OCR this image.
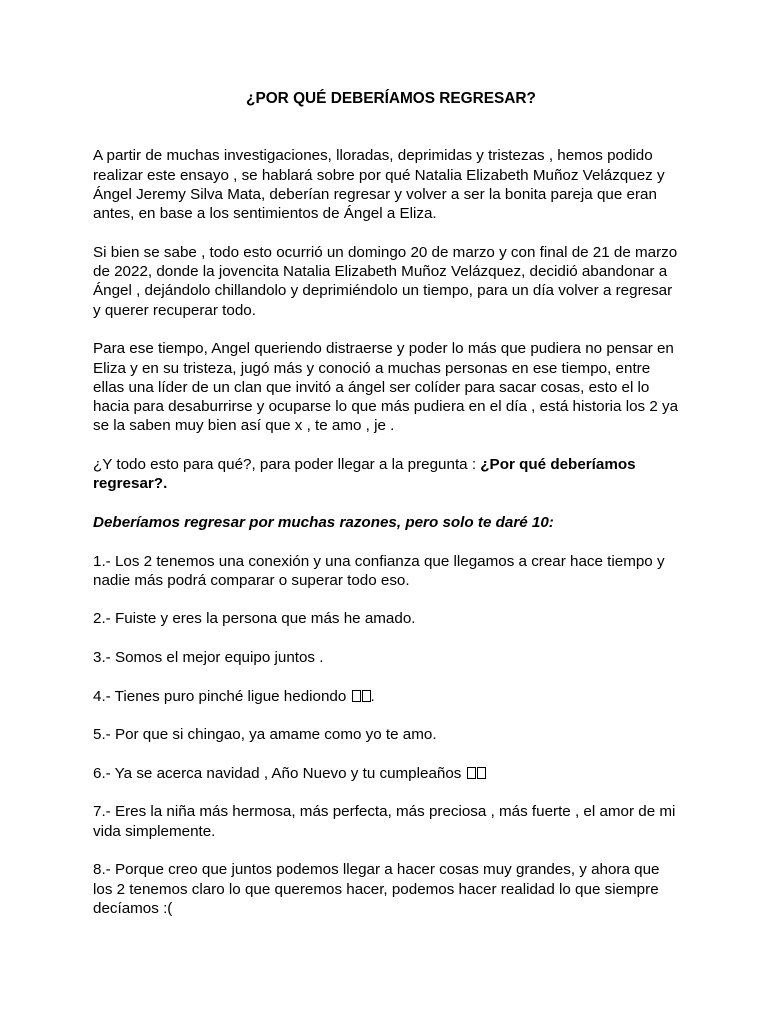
¿POR QUÉ DEBERÍAMOS REGRESAR?

A partir de muchas investigaciones, lloradas, deprimidas y tristezas , hemos podido realizar este ensayo , se hablará sobre por qué Natalia Elizabeth Muñoz Velázquez y Ángel Jeremy Silva Mata, deberían regresar y volver a ser la bonita pareja que eran antes, en base a los sentimientos de Ángel a Eliza.

Si bien se sabe , todo esto ocurrió un domingo 20 de marzo y con final de 21 de marzo de 2022, donde la jovencita Natalia Elizabeth Muñoz Velázquez, decidió abandonar a Ángel , dejándolo chillandolo y deprimiéndolo un tiempo, para un día volver a regresar y querer recuperar todo.

Para ese tiempo, Angel queriendo distraerse y poder lo más que pudiera no pensar en Eliza y en su tristeza, jugó más y conoció a muchas personas en ese tiempo, entre ellas una líder de un clan que invitó a ángel ser colíder para sacar cosas, esto el lo hacia para desaburrirse y ocuparse lo que más pudiera en el día , está historia los 2 ya se la saben muy bien así que x , te amo , je .

¿Y todo esto para qué?, para poder llegar a la pregunta : ¿Por qué deberíamos regresar?.

Deberíamos regresar por muchas razones, pero solo te daré 10:

1.- Los 2 tenemos una conexión y una confianza que llegamos a crear hace tiempo y nadie más podrá comparar o superar todo eso.

2.- Fuiste y eres la persona que más he amado.

3.- Somos el mejor equipo juntos .

4.- Tienes puro pinché ligue hediondo .

5.- Por que si chingao, ya amame como yo te amo.

6.- Ya se acerca navidad , Año Nuevo y tu cumpleaños

7.- Eres la niña más hermosa, más perfecta, más preciosa , más fuerte , el amor de mi vida simplemente.

8.- Porque creo que juntos podemos llegar a hacer cosas muy grandes, y ahora que los 2 tenemos claro lo que queremos hacer, podemos hacer realidad lo que siempre decíamos :(
